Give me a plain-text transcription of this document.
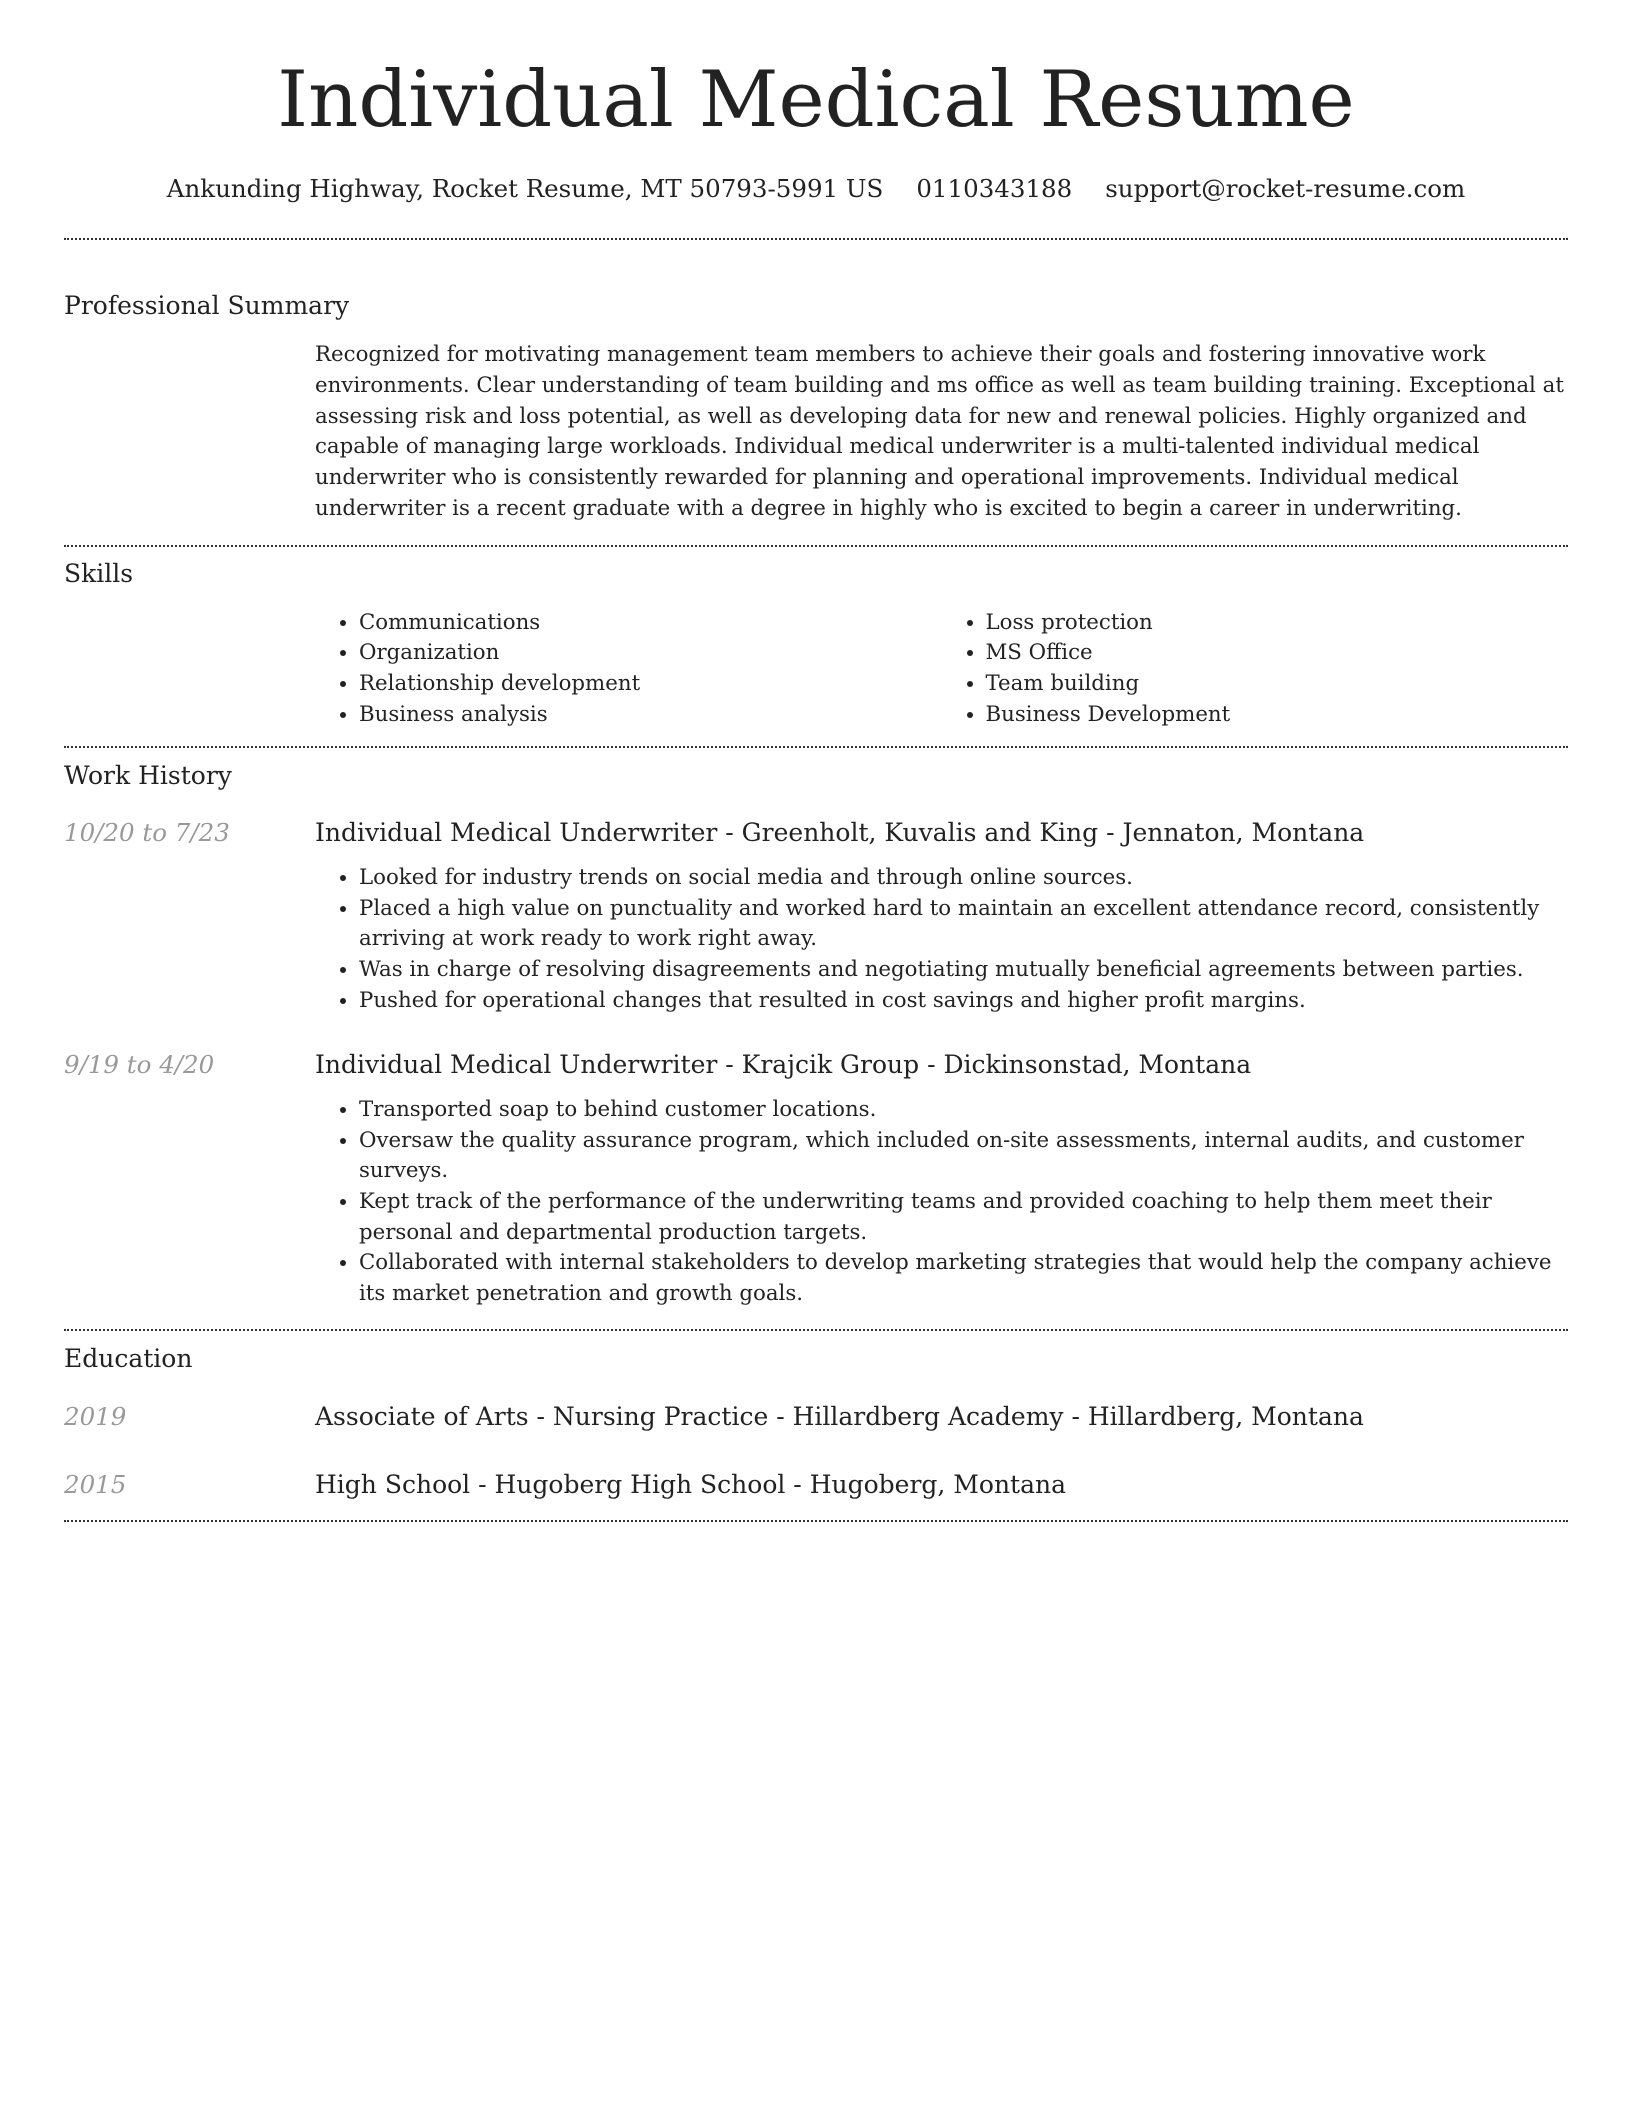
Individual Medical Resume
Ankunding Highway, Rocket Resume, MT 50793-5991 US 0110343188 support@rocket-resume.com
Professional Summary

Recognized for motivating management team members to achieve their goals and fostering innovative work environments. Clear understanding of team building and ms office as well as team building training. Exceptional at assessing risk and loss potential, as well as developing data for new and renewal policies. Highly organized and capable of managing large workloads. Individual medical underwriter is a multi-talented individual medical underwriter who is consistently rewarded for planning and operational improvements. Individual medical underwriter is a recent graduate with a degree in highly who is excited to begin a career in underwriting.

Skills
• Communications
• Organization
• Relationship development
• Business analysis
• Loss protection
• MS Office
• Team building
• Business Development
Work History
10/20 to 7/23	Individual Medical Underwriter - Greenholt, Kuvalis and King - Jennaton, Montana
• Looked for industry trends on social media and through online sources.
• Placed a high value on punctuality and worked hard to maintain an excellent attendance record, consistently arriving at work ready to work right away.
• Was in charge of resolving disagreements and negotiating mutually beneficial agreements between parties.
• Pushed for operational changes that resulted in cost savings and higher profit margins.
9/19 to 4/20	Individual Medical Underwriter - Krajcik Group - Dickinsonstad, Montana
• Transported soap to behind customer locations.
• Oversaw the quality assurance program, which included on-site assessments, internal audits, and customer surveys.
• Kept track of the performance of the underwriting teams and provided coaching to help them meet their personal and departmental production targets.
• Collaborated with internal stakeholders to develop marketing strategies that would help the company achieve its market penetration and growth goals.
Education
2019	Associate of Arts - Nursing Practice - Hillardberg Academy - Hillardberg, Montana
2015	High School - Hugoberg High School - Hugoberg, Montana
